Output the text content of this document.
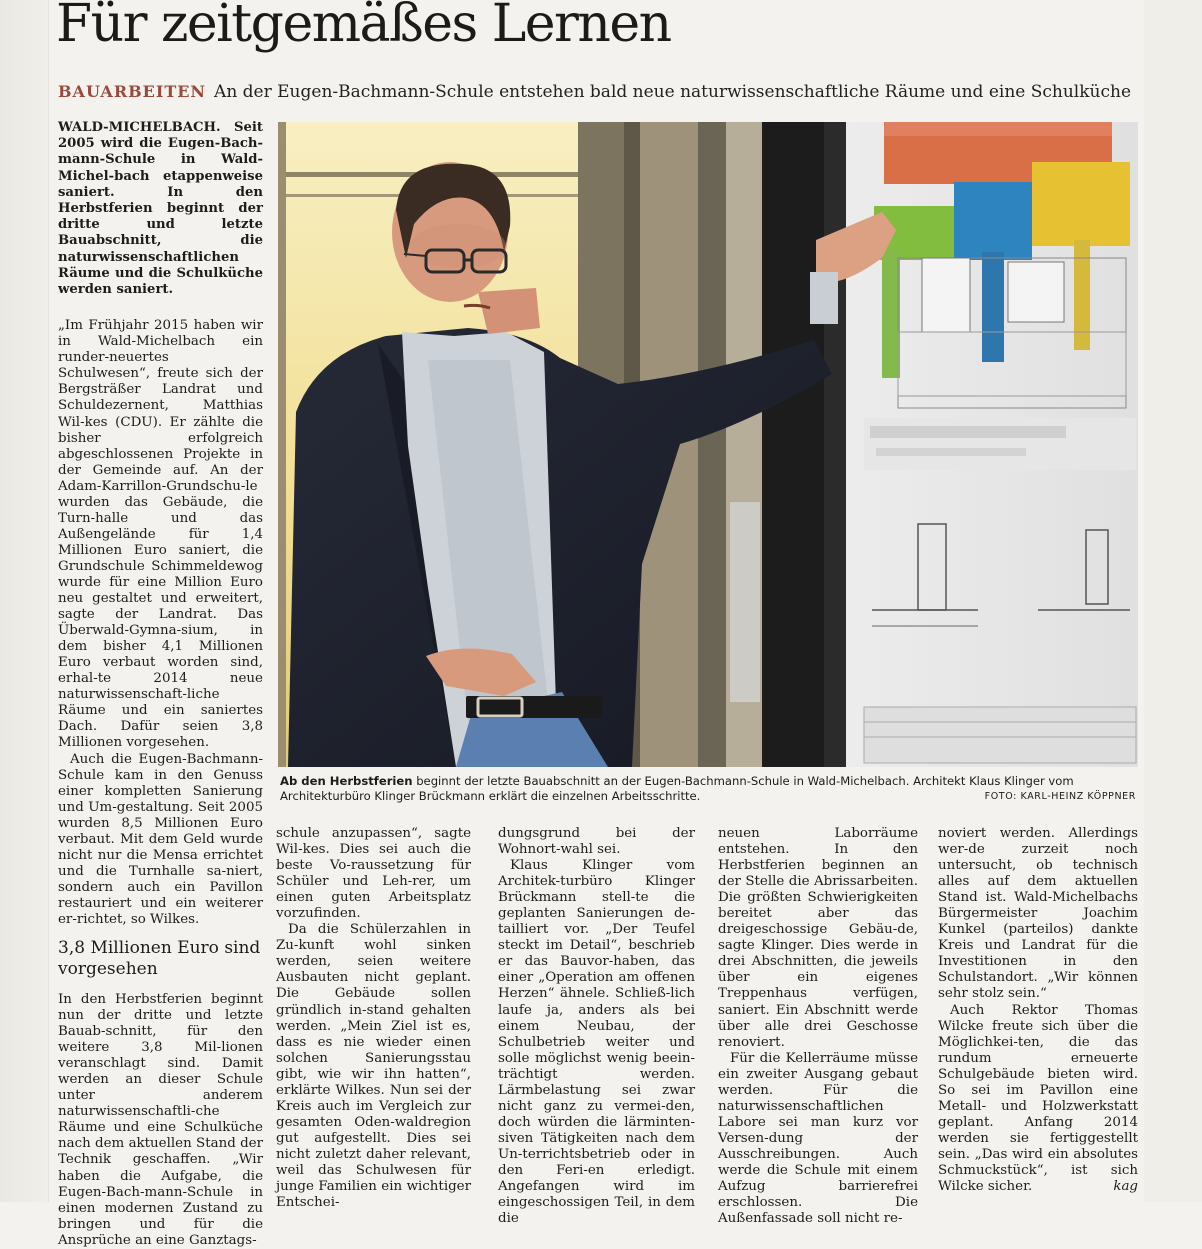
Für zeitgemäßes Lernen
BAUARBEITEN An der Eugen-Bachmann-Schule entstehen bald neue naturwissenschaftliche Räume und eine Schulküche

WALD-MICHELBACH. Seit 2005 wird die Eugen-Bach-mann-Schule in Wald-Michel-bach etappenweise saniert. In den Herbstferien beginnt der dritte und letzte Bauabschnitt, die naturwissenschaftlichen Räume und die Schulküche werden saniert.

„Im Frühjahr 2015 haben wir in Wald-Michelbach ein runder-neuertes Schulwesen“, freute sich der Bergsträßer Landrat und Schuldezernent, Matthias Wil-kes (CDU). Er zählte die bisher erfolgreich abgeschlossenen Projekte in der Gemeinde auf. An der Adam-Karrillon-Grundschu-le wurden das Gebäude, die Turn-halle und das Außengelände für 1,4 Millionen Euro saniert, die Grundschule Schimmeldewog wurde für eine Million Euro neu gestaltet und erweitert, sagte der Landrat. Das Überwald-Gymna-sium, in dem bisher 4,1 Millionen Euro verbaut worden sind, erhal-te 2014 neue naturwissenschaft-liche Räume und ein saniertes Dach. Dafür seien 3,8 Millionen vorgesehen.

Auch die Eugen-Bachmann-Schule kam in den Genuss einer kompletten Sanierung und Um-gestaltung. Seit 2005 wurden 8,5 Millionen Euro verbaut. Mit dem Geld wurde nicht nur die Mensa errichtet und die Turnhalle sa-niert, sondern auch ein Pavillon restauriert und ein weiterer er-richtet, so Wilkes.

3,8 Millionen Euro sind vorgesehen

In den Herbstferien beginnt nun der dritte und letzte Bauab-schnitt, für den weitere 3,8 Mil-lionen veranschlagt sind. Damit werden an dieser Schule unter anderem naturwissenschaftli-che Räume und eine Schulküche nach dem aktuellen Stand der Technik geschaffen. „Wir haben die Aufgabe, die Eugen-Bach-mann-Schule in einen modernen Zustand zu bringen und für die Ansprüche an eine Ganztags-

Ab den Herbstferien beginnt der letzte Bauabschnitt an der Eugen-Bachmann-Schule in Wald-Michelbach. Architekt Klaus Klinger vom Architekturbüro Klinger Brückmann erklärt die einzelnen Arbeitsschritte.	FOTO: KARL-HEINZ KÖPPNER

schule anzupassen“, sagte Wil-kes. Dies sei auch die beste Vo-raussetzung für Schüler und Leh-rer, um einen guten Arbeitsplatz vorzufinden.

Da die Schülerzahlen in Zu-kunft wohl sinken werden, seien weitere Ausbauten nicht geplant. Die Gebäude sollen gründlich in-stand gehalten werden. „Mein Ziel ist es, dass es nie wieder einen solchen Sanierungsstau gibt, wie wir ihn hatten“, erklärte Wilkes. Nun sei der Kreis auch im Vergleich zur gesamten Oden-waldregion gut aufgestellt. Dies sei nicht zuletzt daher relevant, weil das Schulwesen für junge Familien ein wichtiger Entschei-

dungsgrund bei der Wohnort-wahl sei.

Klaus Klinger vom Architek-turbüro Klinger Brückmann stell-te die geplanten Sanierungen de-tailliert vor. „Der Teufel steckt im Detail“, beschrieb er das Bauvor-haben, das einer „Operation am offenen Herzen“ ähnele. Schließ-lich laufe ja, anders als bei einem Neubau, der Schulbetrieb weiter und solle möglichst wenig beein-trächtigt werden. Lärmbelastung sei zwar nicht ganz zu vermei-den, doch würden die lärminten-siven Tätigkeiten nach dem Un-terrichtsbetrieb oder in den Feri-en erledigt. Angefangen wird im eingeschossigen Teil, in dem die

neuen Laborräume entstehen. In den Herbstferien beginnen an der Stelle die Abrissarbeiten. Die größten Schwierigkeiten bereitet aber das dreigeschossige Gebäu-de, sagte Klinger. Dies werde in drei Abschnitten, die jeweils über ein eigenes Treppenhaus verfügen, saniert. Ein Abschnitt werde über alle drei Geschosse renoviert.

Für die Kellerräume müsse ein zweiter Ausgang gebaut werden. Für die naturwissenschaftlichen Labore sei man kurz vor Versen-dung der Ausschreibungen. Auch werde die Schule mit einem Aufzug barrierefrei erschlossen. Die Außenfassade soll nicht re-

noviert werden. Allerdings wer-de zurzeit noch untersucht, ob technisch alles auf dem aktuellen Stand ist. Wald-Michelbachs Bürgermeister Joachim Kunkel (parteilos) dankte Kreis und Landrat für die Investitionen in den Schulstandort. „Wir können sehr stolz sein.“

Auch Rektor Thomas Wilcke freute sich über die Möglichkei-ten, die das rundum erneuerte Schulgebäude bieten wird. So sei im Pavillon eine Metall- und Holzwerkstatt geplant. Anfang 2014 werden sie fertiggestellt sein. „Das wird ein absolutes Schmuckstück“, ist sich Wilcke sicher.	kag
